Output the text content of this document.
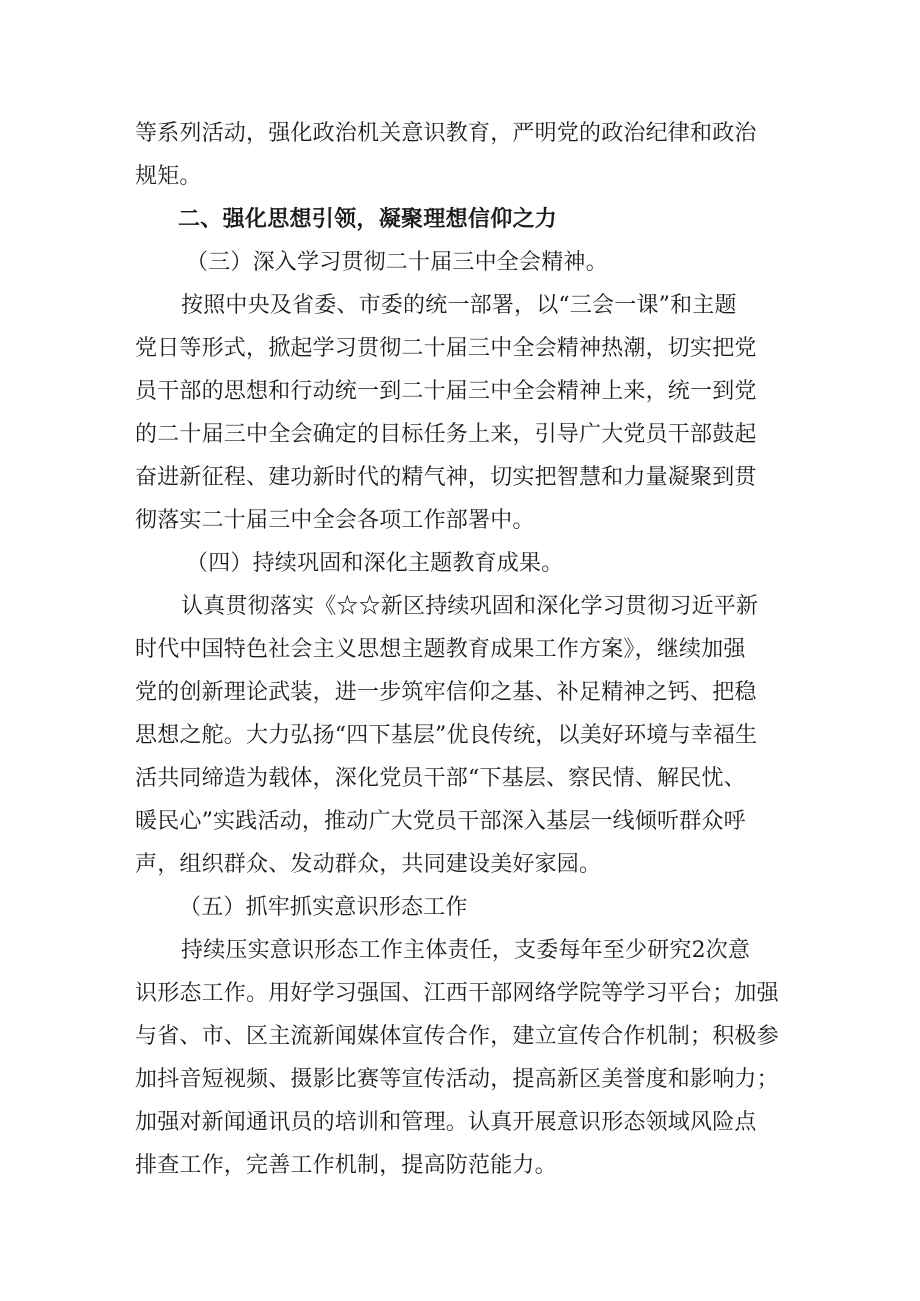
等系列活动，强化政治机关意识教育，严明党的政治纪律和政治
规矩。
二、强化思想引领，凝聚理想信仰之力
（三）深入学习贯彻二十届三中全会精神。
按照中央及省委、市委的统一部署，以“三会一课”和主题
党日等形式，掀起学习贯彻二十届三中全会精神热潮，切实把党
员干部的思想和行动统一到二十届三中全会精神上来，统一到党
的二十届三中全会确定的目标任务上来，引导广大党员干部鼓起
奋进新征程、建功新时代的精气神，切实把智慧和力量凝聚到贯
彻落实二十届三中全会各项工作部署中。
（四）持续巩固和深化主题教育成果。
认真贯彻落实《☆☆新区持续巩固和深化学习贯彻习近平新
时代中国特色社会主义思想主题教育成果工作方案》，继续加强
党的创新理论武装，进一步筑牢信仰之基、补足精神之钙、把稳
思想之舵。大力弘扬“四下基层”优良传统，以美好环境与幸福生
活共同缔造为载体，深化党员干部“下基层、察民情、解民忧、
暖民心”实践活动，推动广大党员干部深入基层一线倾听群众呼
声，组织群众、发动群众，共同建设美好家园。
（五）抓牢抓实意识形态工作
持续压实意识形态工作主体责任，支委每年至少研究2次意
识形态工作。用好学习强国、江西干部网络学院等学习平台；加强
与省、市、区主流新闻媒体宣传合作，建立宣传合作机制；积极参
加抖音短视频、摄影比赛等宣传活动，提高新区美誉度和影响力；
加强对新闻通讯员的培训和管理。认真开展意识形态领域风险点
排查工作，完善工作机制，提高防范能力。
